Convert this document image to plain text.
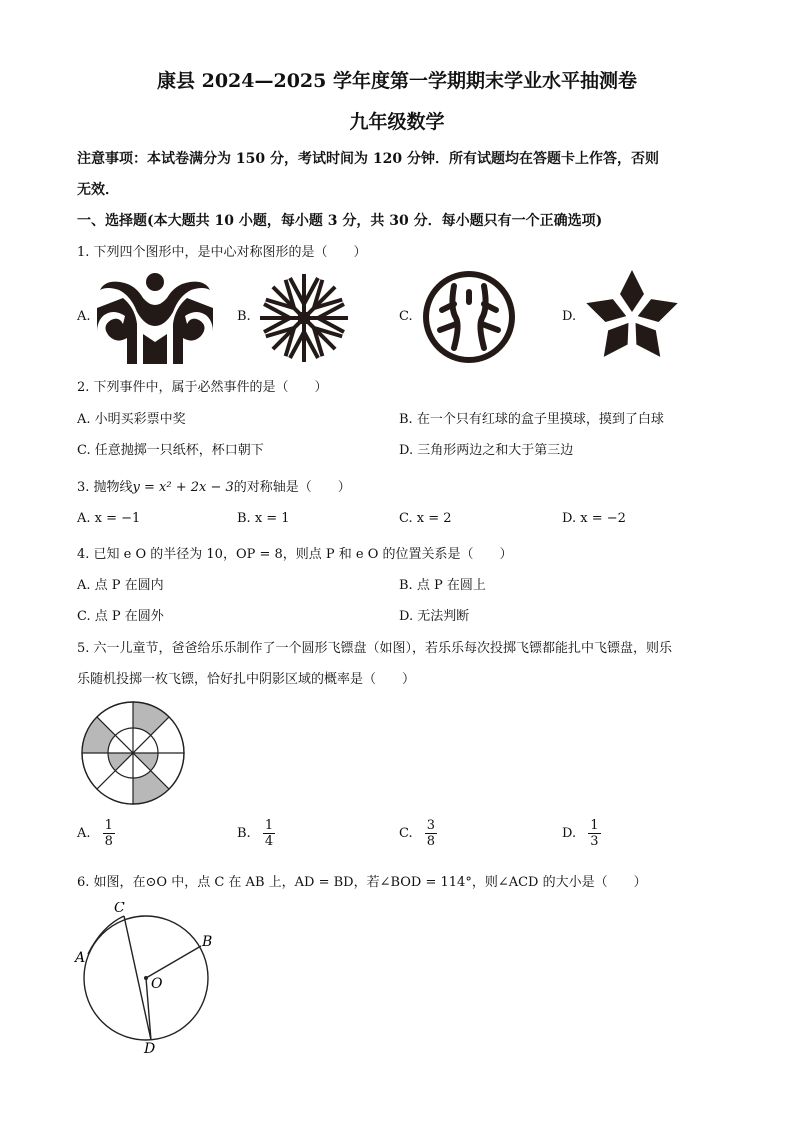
康县 2024—2025 学年度第一学期期末学业水平抽测卷
九年级数学
注意事项：本试卷满分为 150 分，考试时间为 120 分钟．所有试题均在答题卡上作答，否则
无效．
一、选择题(本大题共 10 小题，每小题 3 分，共 30 分．每小题只有一个正确选项)
1. 下列四个图形中，是中心对称图形的是（　　）
A.	B.	C.	D.
2. 下列事件中，属于必然事件的是（　　）
A. 小明买彩票中奖	B. 在一个只有红球的盒子里摸球，摸到了白球
C. 任意抛掷一只纸杯，杯口朝下	D. 三角形两边之和大于第三边
3. 抛物线y = x² + 2x − 3的对称轴是（　　）
A. x = −1	B. x = 1	C. x = 2	D. x = −2
4. 已知 e O 的半径为 10，OP = 8，则点 P 和 e O 的位置关系是（　　）
A. 点 P 在圆内	B. 点 P 在圆上
C. 点 P 在圆外	D. 无法判断
5. 六一儿童节，爸爸给乐乐制作了一个圆形飞镖盘（如图），若乐乐每次投掷飞镖都能扎中飞镖盘，则乐
乐随机投掷一枚飞镖，恰好扎中阴影区域的概率是（　　）
A. $\frac{1}{8}$	B. $\frac{1}{4}$	C. $\frac{3}{8}$	D. $\frac{1}{3}$
6. 如图，在⊙O 中，点 C 在 AB 上，AD = BD，若∠BOD = 114°，则∠ACD 的大小是（　　）
C
A
B
O
D
